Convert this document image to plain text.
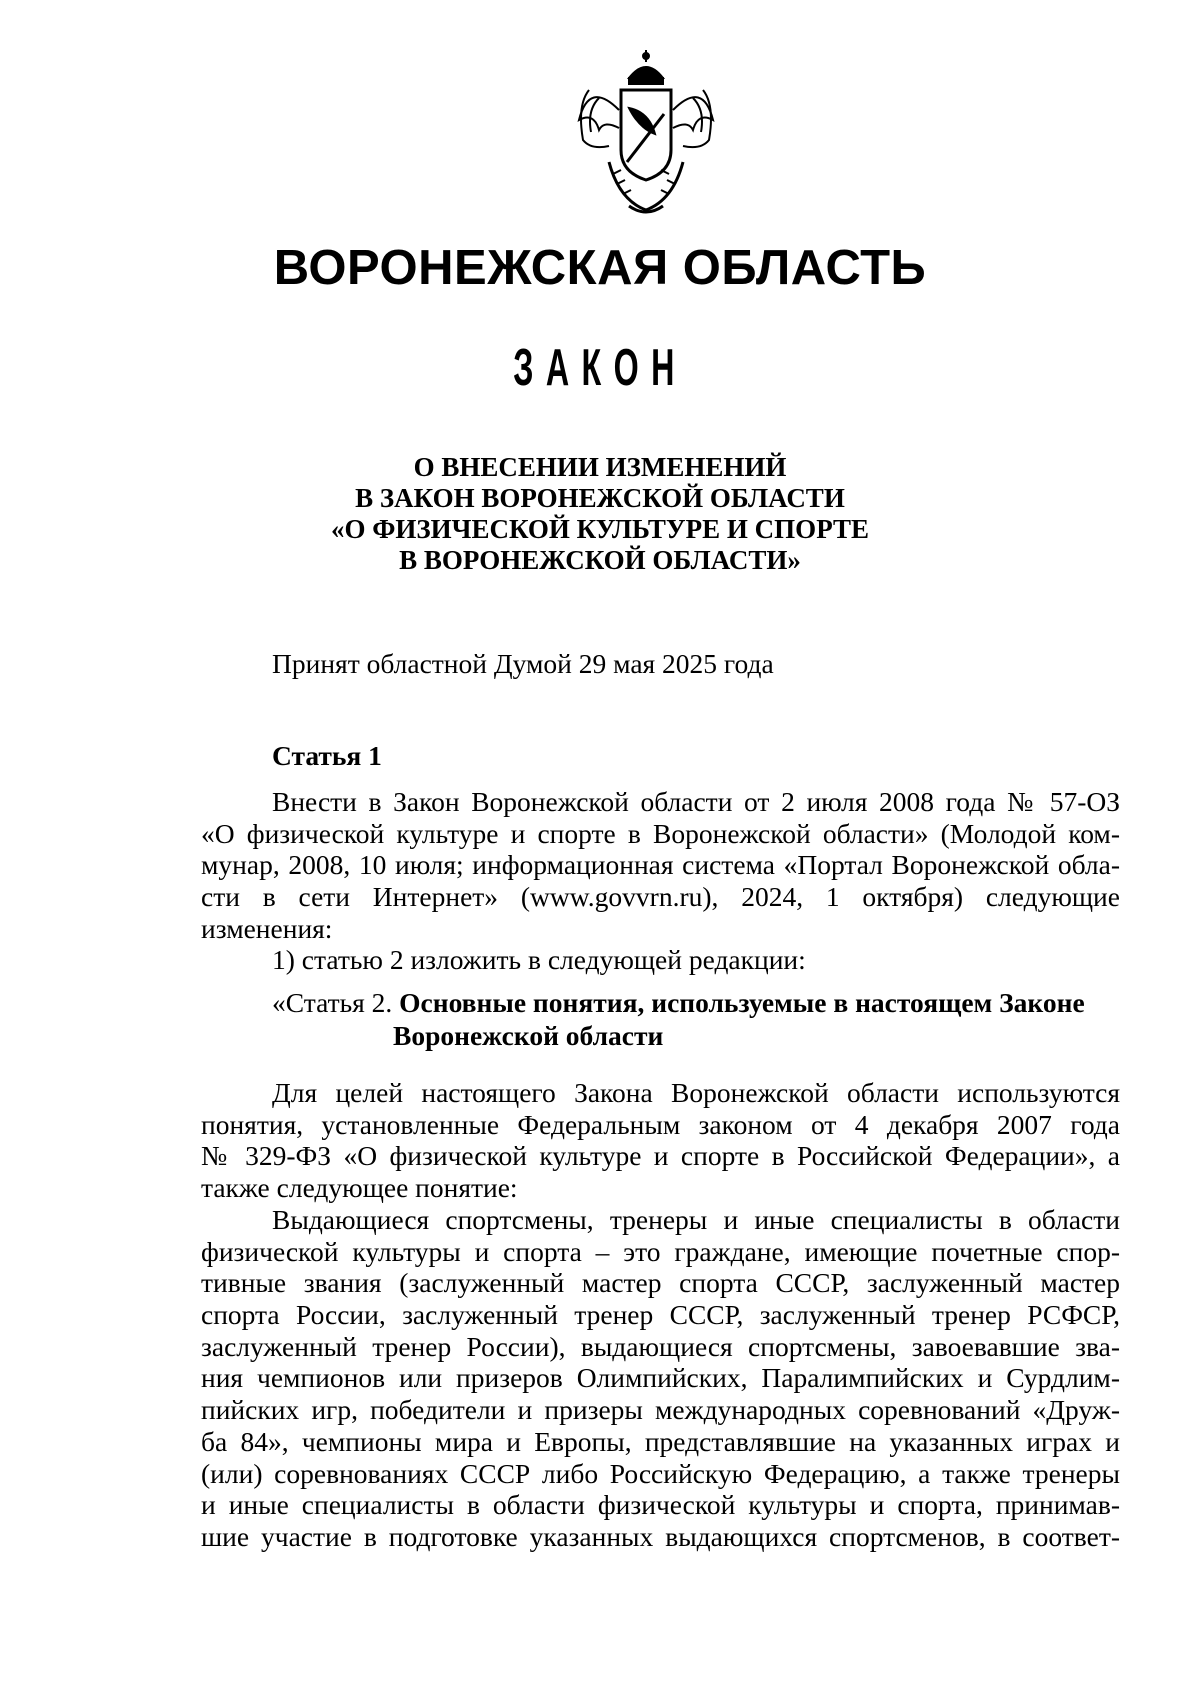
ВОРОНЕЖСКАЯ ОБЛАСТЬ
ЗАКОН
О ВНЕСЕНИИ ИЗМЕНЕНИЙ
В ЗАКОН ВОРОНЕЖСКОЙ ОБЛАСТИ
«О ФИЗИЧЕСКОЙ КУЛЬТУРЕ И СПОРТЕ
В ВОРОНЕЖСКОЙ ОБЛАСТИ»
Принят областной Думой 29 мая 2025 года
Статья 1
Внести в Закон Воронежской области от 2 июля 2008 года № 57-ОЗ
«О физической культуре и спорте в Воронежской области» (Молодой ком-
мунар, 2008, 10 июля; информационная система «Портал Воронежской обла-
сти в сети Интернет» (www.govvrn.ru), 2024, 1 октября) следующие
изменения:
1) статью 2 изложить в следующей редакции:
«Статья 2. Основные понятия, используемые в настоящем Законе
Воронежской области
Для целей настоящего Закона Воронежской области используются
понятия, установленные Федеральным законом от 4 декабря 2007 года
№ 329-ФЗ «О физической культуре и спорте в Российской Федерации», а
также следующее понятие:
Выдающиеся спортсмены, тренеры и иные специалисты в области
физической культуры и спорта – это граждане, имеющие почетные спор-
тивные звания (заслуженный мастер спорта СССР, заслуженный мастер
спорта России, заслуженный тренер СССР, заслуженный тренер РСФСР,
заслуженный тренер России), выдающиеся спортсмены, завоевавшие зва-
ния чемпионов или призеров Олимпийских, Паралимпийских и Сурдлим-
пийских игр, победители и призеры международных соревнований «Друж-
ба 84», чемпионы мира и Европы, представлявшие на указанных играх и
(или) соревнованиях СССР либо Российскую Федерацию, а также тренеры
и иные специалисты в области физической культуры и спорта, принимав-
шие участие в подготовке указанных выдающихся спортсменов, в соответ-
